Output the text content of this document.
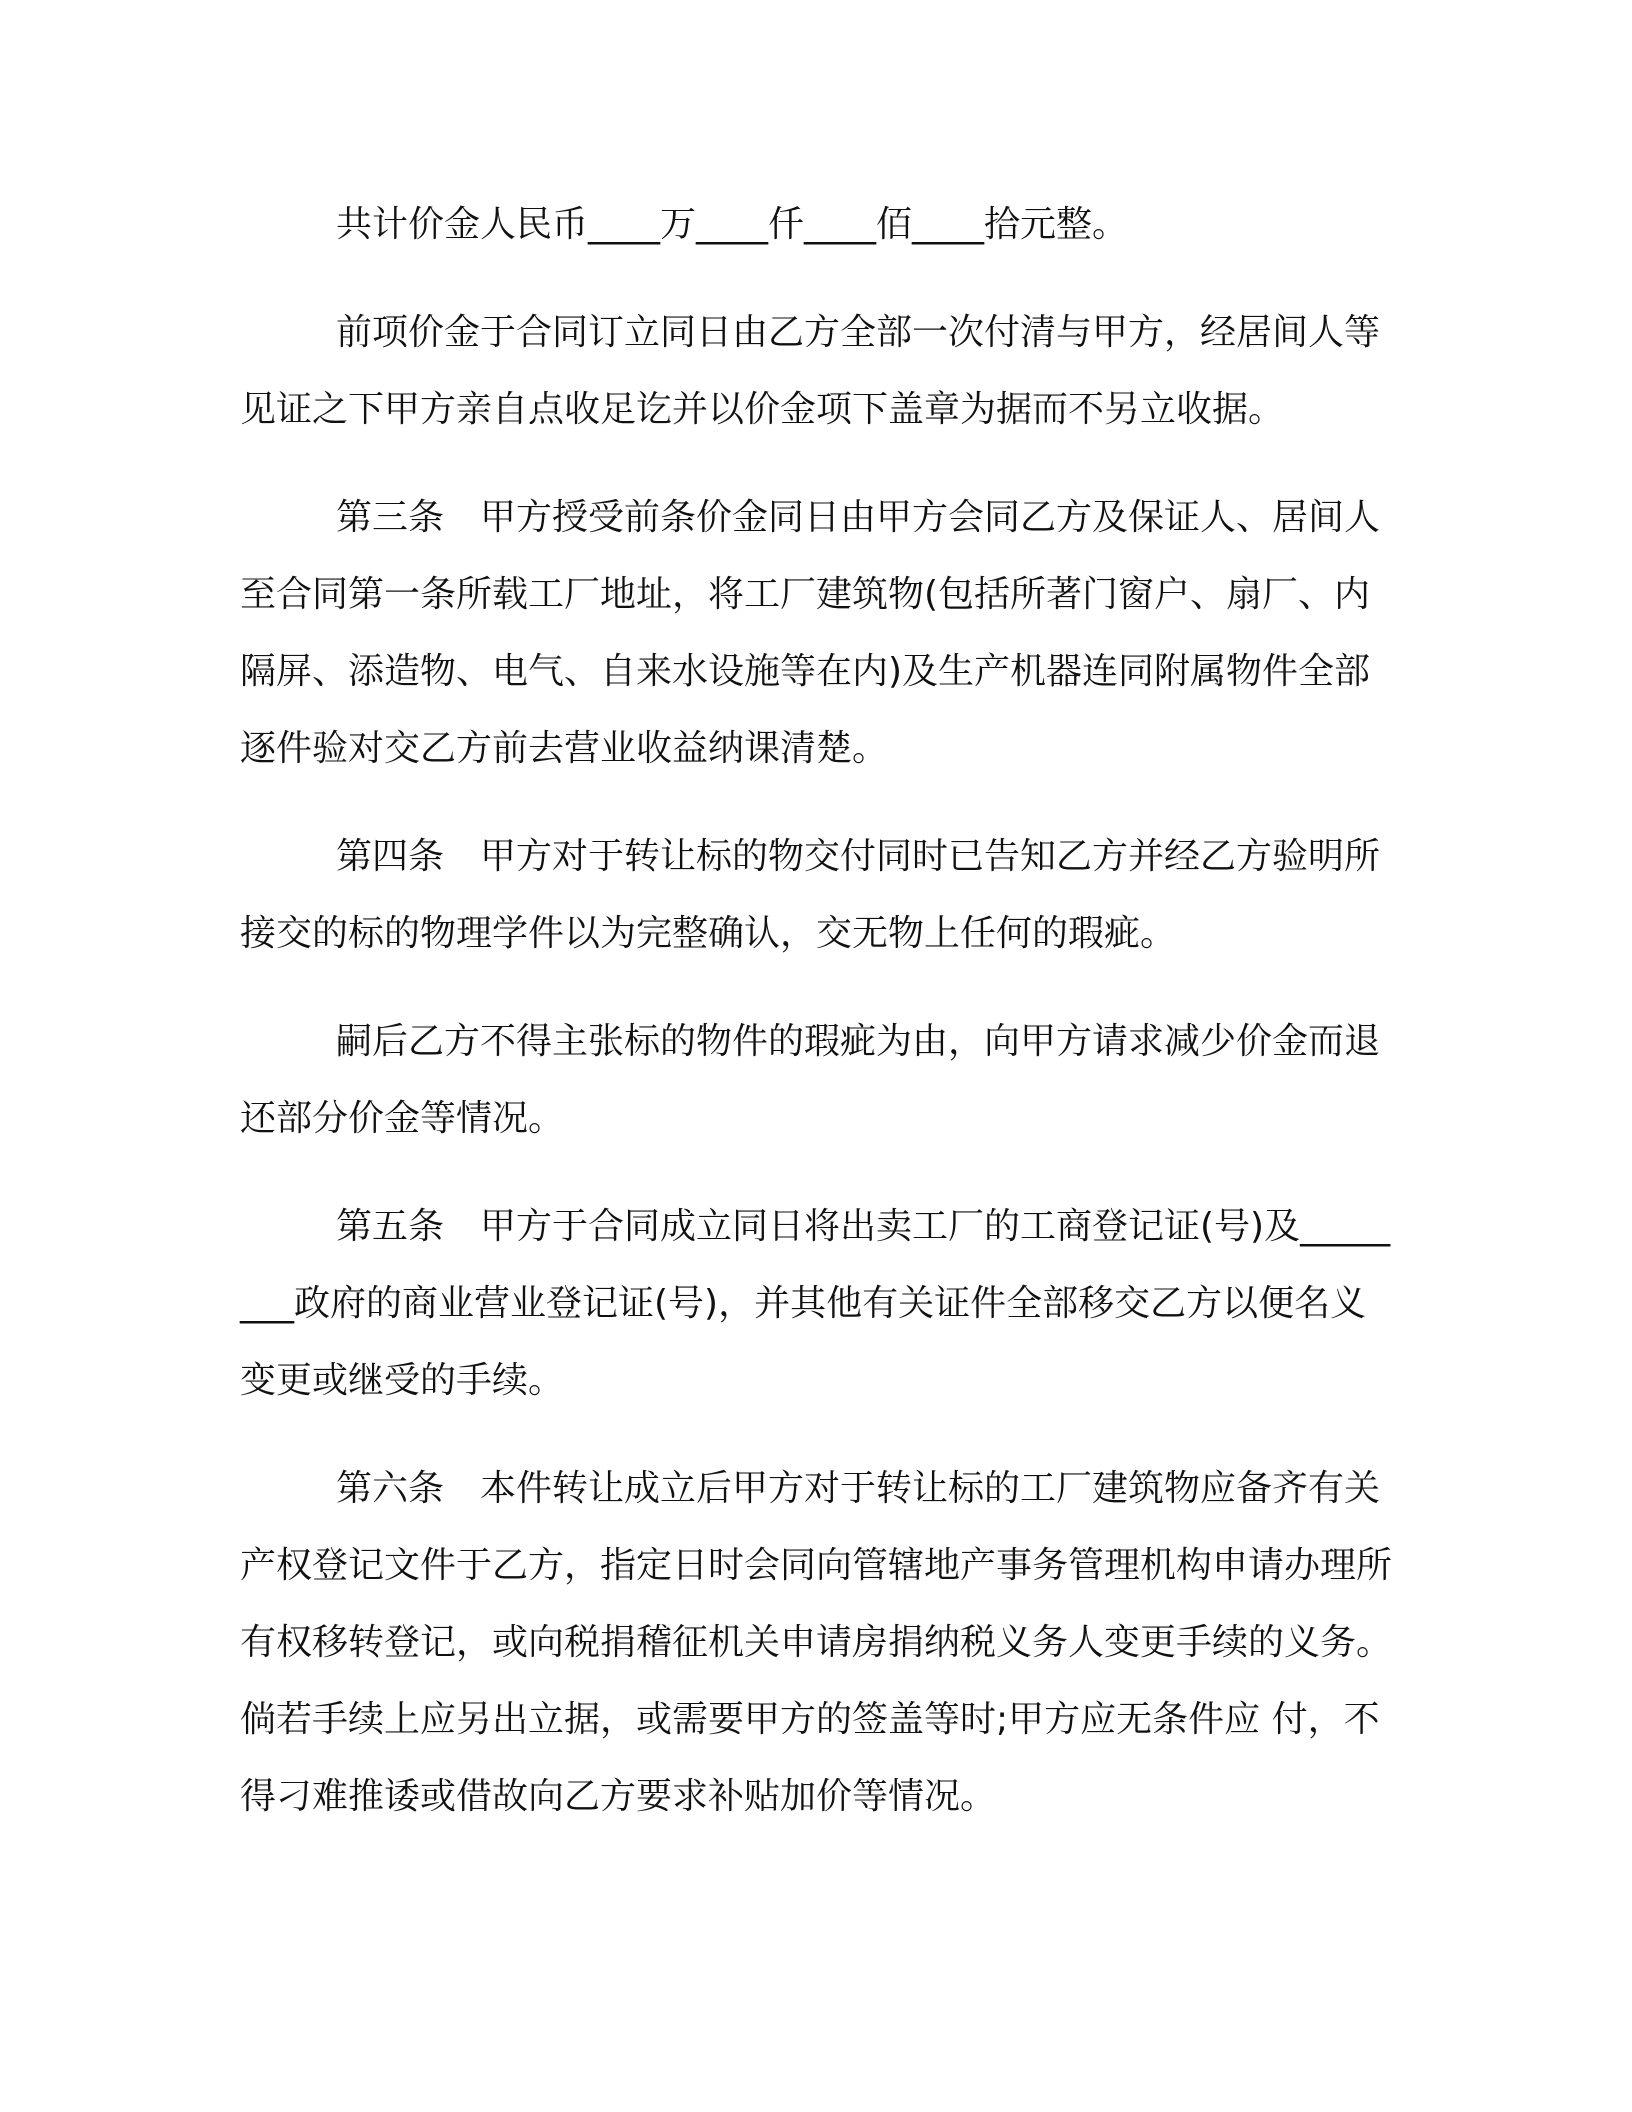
共计价金人民币____万____仟____佰____拾元整。

前项价金于合同订立同日由乙方全部一次付清与甲方，经居间人等见证之下甲方亲自点收足讫并以价金项下盖章为据而不另立收据。

第三条　甲方授受前条价金同日由甲方会同乙方及保证人、居间人至合同第一条所载工厂地址，将工厂建筑物(包括所著门窗户、扇厂、内隔屏、添造物、电气、自来水设施等在内)及生产机器连同附属物件全部逐件验对交乙方前去营业收益纳课清楚。

第四条　甲方对于转让标的物交付同时已告知乙方并经乙方验明所接交的标的物理学件以为完整确认，交无物上任何的瑕疵。

嗣后乙方不得主张标的物件的瑕疵为由，向甲方请求减少价金而退还部分价金等情况。

第五条　甲方于合同成立同日将出卖工厂的工商登记证(号)及________政府的商业营业登记证(号)，并其他有关证件全部移交乙方以便名义变更或继受的手续。

第六条　本件转让成立后甲方对于转让标的工厂建筑物应备齐有关产权登记文件于乙方，指定日时会同向管辖地产事务管理机构申请办理所有权移转登记，或向税捐稽征机关申请房捐纳税义务人变更手续的义务。倘若手续上应另出立据，或需要甲方的签盖等时;甲方应无条件应 付，不得刁难推诿或借故向乙方要求补贴加价等情况。
